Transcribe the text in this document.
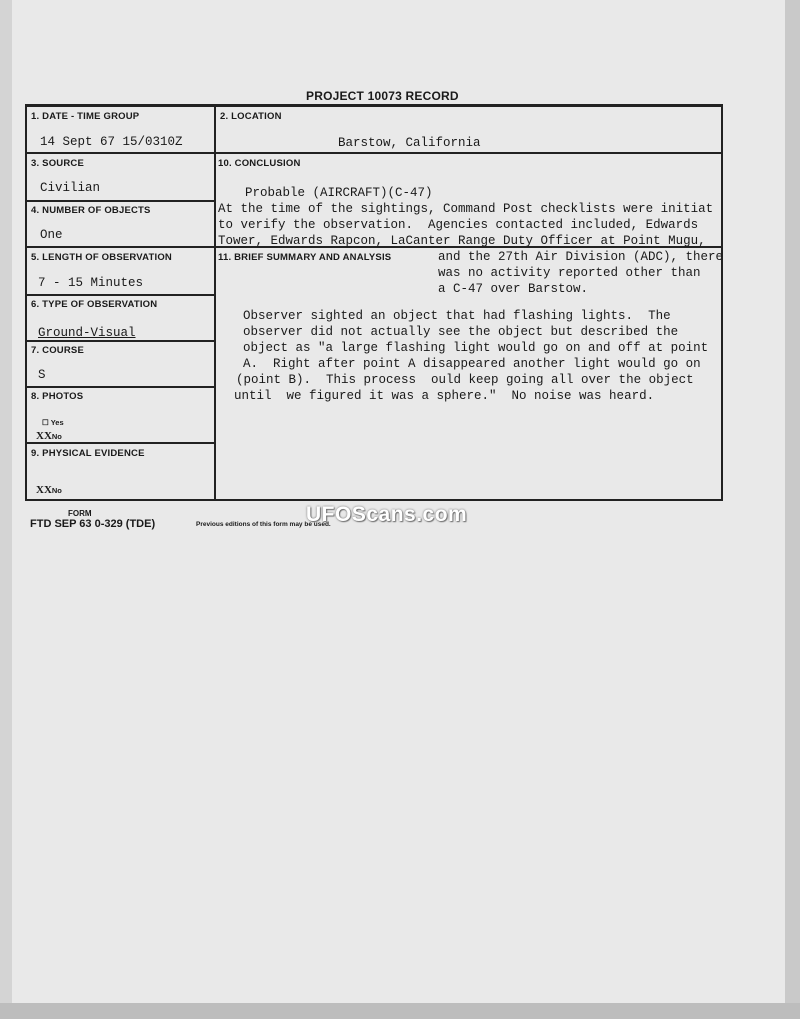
PROJECT 10073 RECORD
1. DATE - TIME GROUP
14 Sept 67 15/0310Z
2. LOCATION
Barstow, California
3. SOURCE
Civilian
4. NUMBER OF OBJECTS
One
5. LENGTH OF OBSERVATION
7 - 15 Minutes
6. TYPE OF OBSERVATION
Ground-Visual
7. COURSE
S
8. PHOTOS
☐ Yes
XXNo
9. PHYSICAL EVIDENCE
XXNo
10. CONCLUSION
Probable (AIRCRAFT)(C-47)
At the time of the sightings, Command Post checklists were initiat
to verify the observation.  Agencies contacted included, Edwards
Tower, Edwards Rapcon, LaCanter Range Duty Officer at Point Mugu,
11. BRIEF SUMMARY AND ANALYSIS	and the 27th Air Division (ADC), there
was no activity reported other than
a C-47 over Barstow.
Observer sighted an object that had flashing lights.  The
observer did not actually see the object but described the
object as "a large flashing light would go on and off at point
A.  Right after point A disappeared another light would go on
(point B).  This process  ould keep going all over the object
until  we figured it was a sphere."  No noise was heard.
FORM
FTD SEP 63 0-329 (TDE)	Previous editions of this form may be used.
UFOScans.com
